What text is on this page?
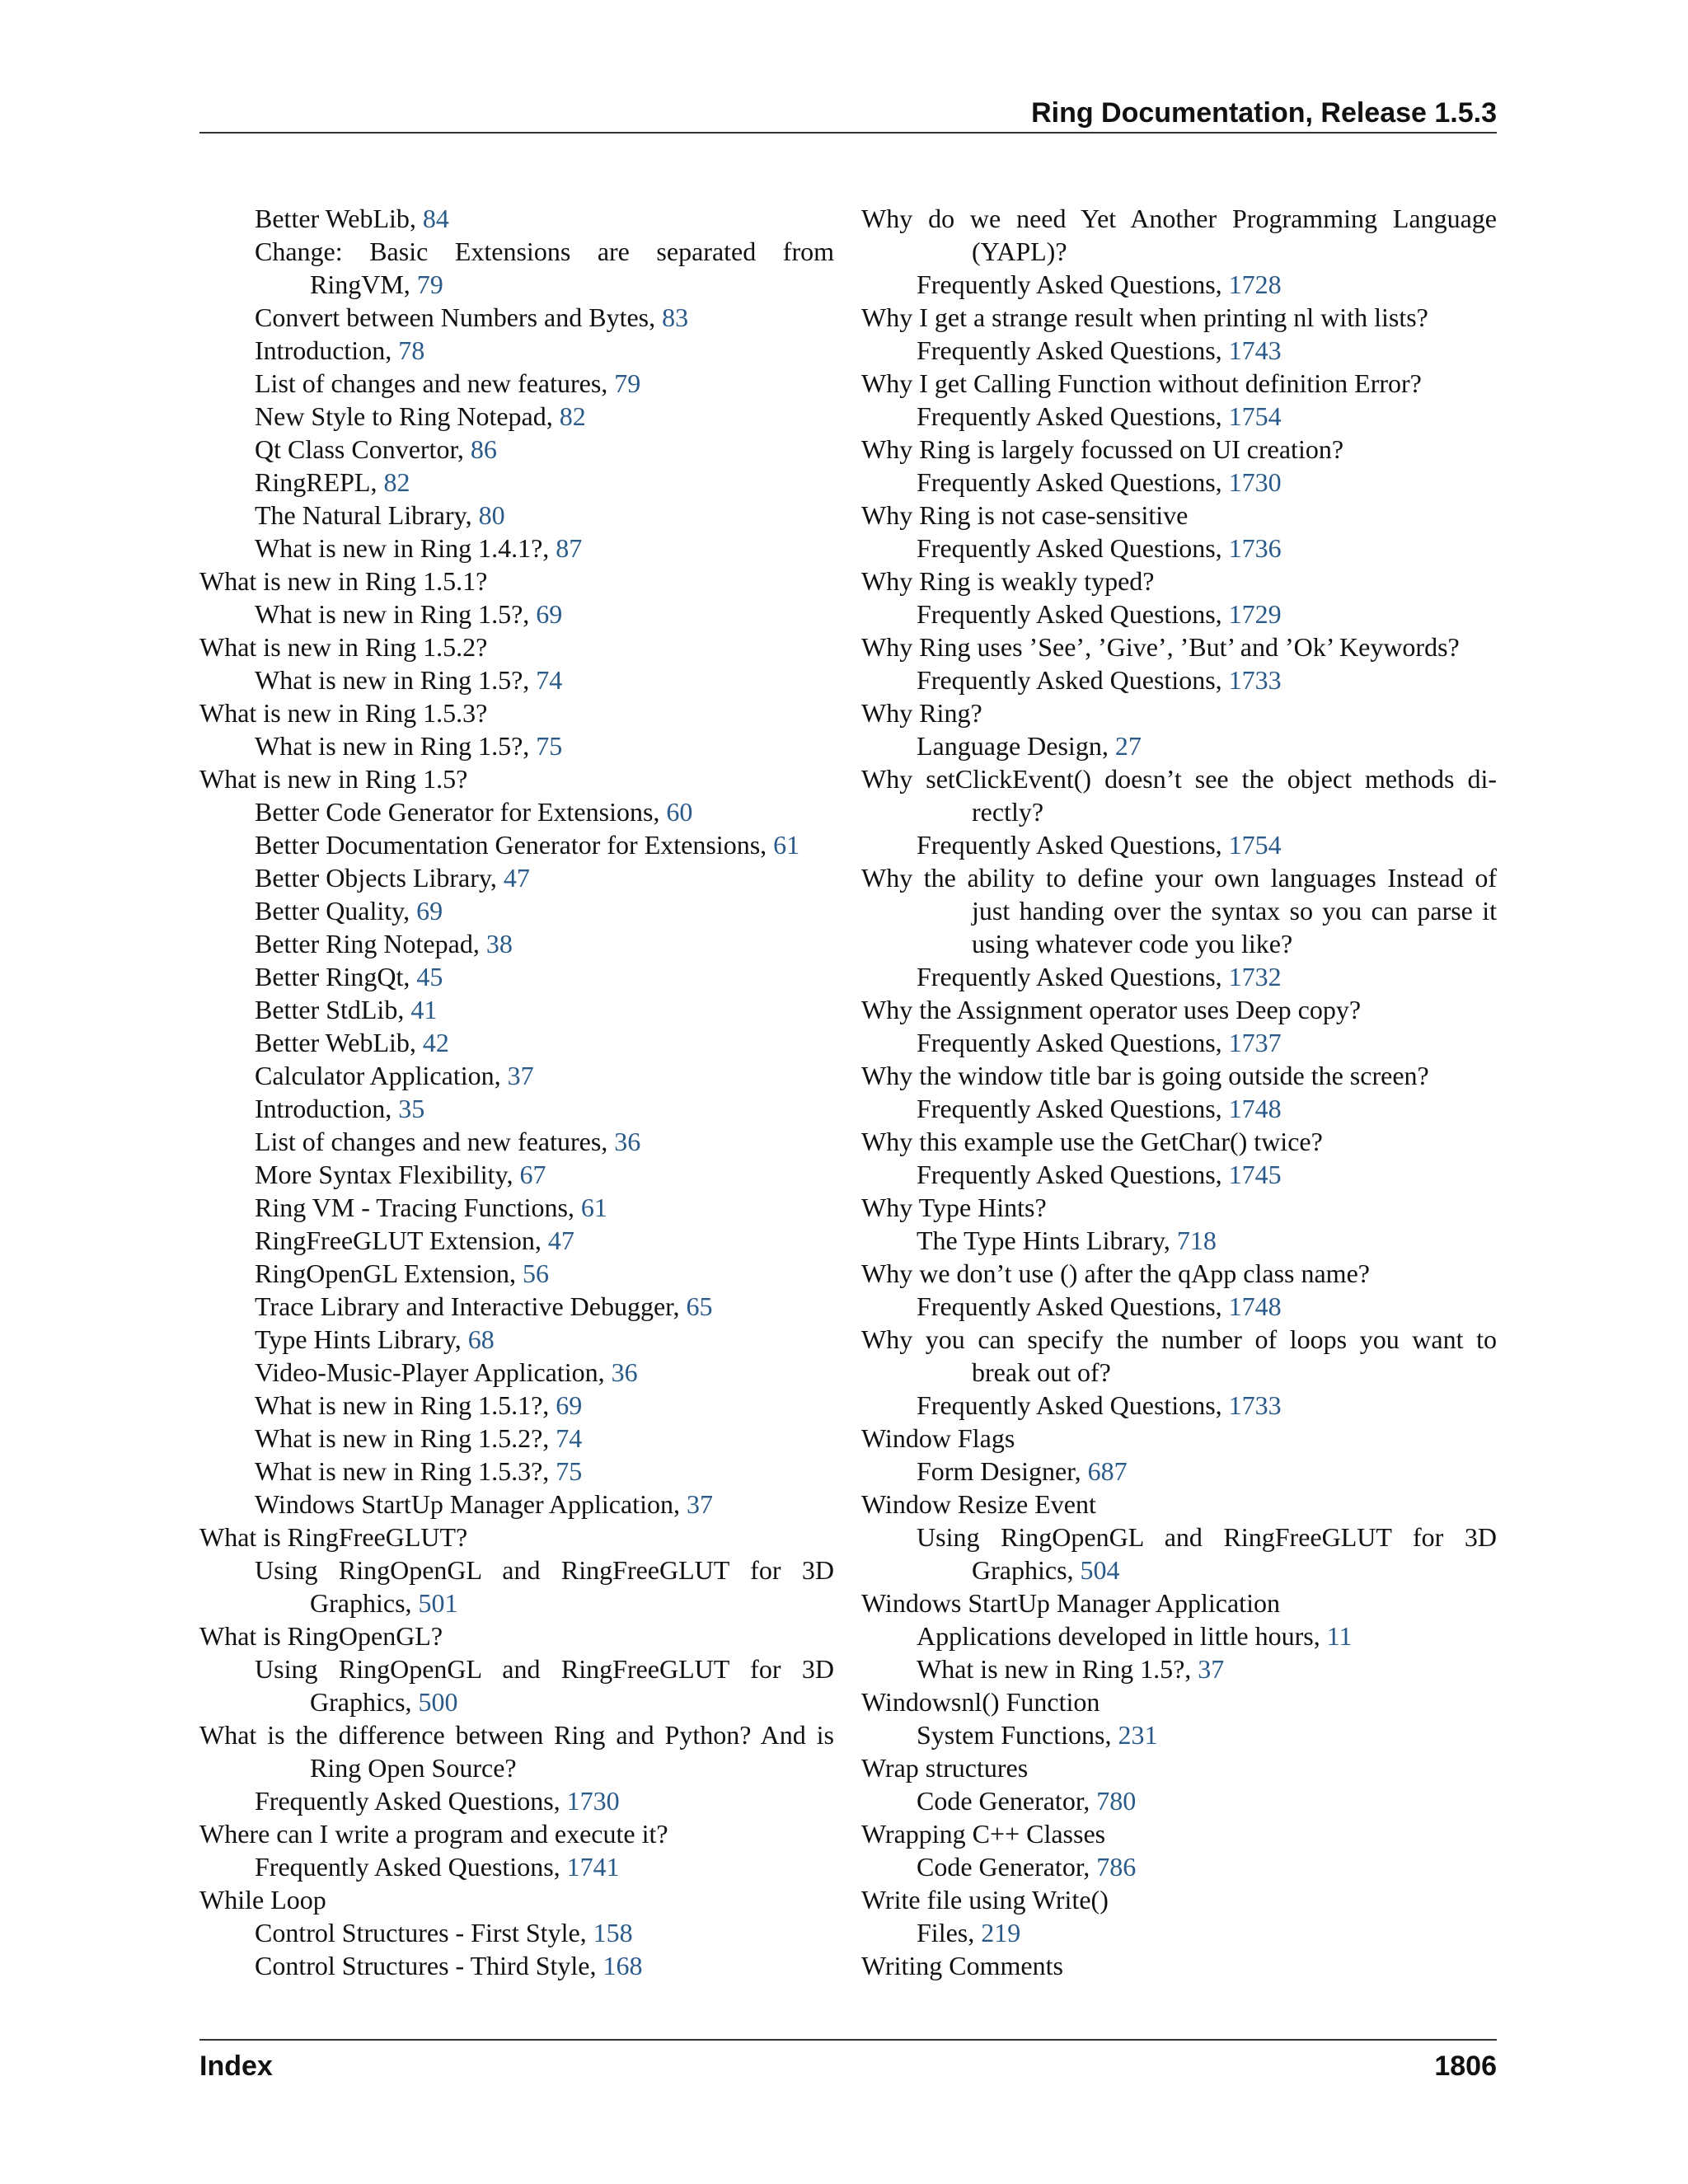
Ring Documentation, Release 1.5.3
Better WebLib, 84
Change: Basic Extensions are separated from
RingVM, 79
Convert between Numbers and Bytes, 83
Introduction, 78
List of changes and new features, 79
New Style to Ring Notepad, 82
Qt Class Convertor, 86
RingREPL, 82
The Natural Library, 80
What is new in Ring 1.4.1?, 87
What is new in Ring 1.5.1?
What is new in Ring 1.5?, 69
What is new in Ring 1.5.2?
What is new in Ring 1.5?, 74
What is new in Ring 1.5.3?
What is new in Ring 1.5?, 75
What is new in Ring 1.5?
Better Code Generator for Extensions, 60
Better Documentation Generator for Extensions, 61
Better Objects Library, 47
Better Quality, 69
Better Ring Notepad, 38
Better RingQt, 45
Better StdLib, 41
Better WebLib, 42
Calculator Application, 37
Introduction, 35
List of changes and new features, 36
More Syntax Flexibility, 67
Ring VM - Tracing Functions, 61
RingFreeGLUT Extension, 47
RingOpenGL Extension, 56
Trace Library and Interactive Debugger, 65
Type Hints Library, 68
Video-Music-Player Application, 36
What is new in Ring 1.5.1?, 69
What is new in Ring 1.5.2?, 74
What is new in Ring 1.5.3?, 75
Windows StartUp Manager Application, 37
What is RingFreeGLUT?
Using RingOpenGL and RingFreeGLUT for 3D
Graphics, 501
What is RingOpenGL?
Using RingOpenGL and RingFreeGLUT for 3D
Graphics, 500
What is the difference between Ring and Python? And is
Ring Open Source?
Frequently Asked Questions, 1730
Where can I write a program and execute it?
Frequently Asked Questions, 1741
While Loop
Control Structures - First Style, 158
Control Structures - Third Style, 168
Why do we need Yet Another Programming Language
(YAPL)?
Frequently Asked Questions, 1728
Why I get a strange result when printing nl with lists?
Frequently Asked Questions, 1743
Why I get Calling Function without definition Error?
Frequently Asked Questions, 1754
Why Ring is largely focussed on UI creation?
Frequently Asked Questions, 1730
Why Ring is not case-sensitive
Frequently Asked Questions, 1736
Why Ring is weakly typed?
Frequently Asked Questions, 1729
Why Ring uses ’See’, ’Give’, ’But’ and ’Ok’ Keywords?
Frequently Asked Questions, 1733
Why Ring?
Language Design, 27
Why setClickEvent() doesn’t see the object methods di-
rectly?
Frequently Asked Questions, 1754
Why the ability to define your own languages Instead of
just handing over the syntax so you can parse it
using whatever code you like?
Frequently Asked Questions, 1732
Why the Assignment operator uses Deep copy?
Frequently Asked Questions, 1737
Why the window title bar is going outside the screen?
Frequently Asked Questions, 1748
Why this example use the GetChar() twice?
Frequently Asked Questions, 1745
Why Type Hints?
The Type Hints Library, 718
Why we don’t use () after the qApp class name?
Frequently Asked Questions, 1748
Why you can specify the number of loops you want to
break out of?
Frequently Asked Questions, 1733
Window Flags
Form Designer, 687
Window Resize Event
Using RingOpenGL and RingFreeGLUT for 3D
Graphics, 504
Windows StartUp Manager Application
Applications developed in little hours, 11
What is new in Ring 1.5?, 37
Windowsnl() Function
System Functions, 231
Wrap structures
Code Generator, 780
Wrapping C++ Classes
Code Generator, 786
Write file using Write()
Files, 219
Writing Comments
Index	1806
